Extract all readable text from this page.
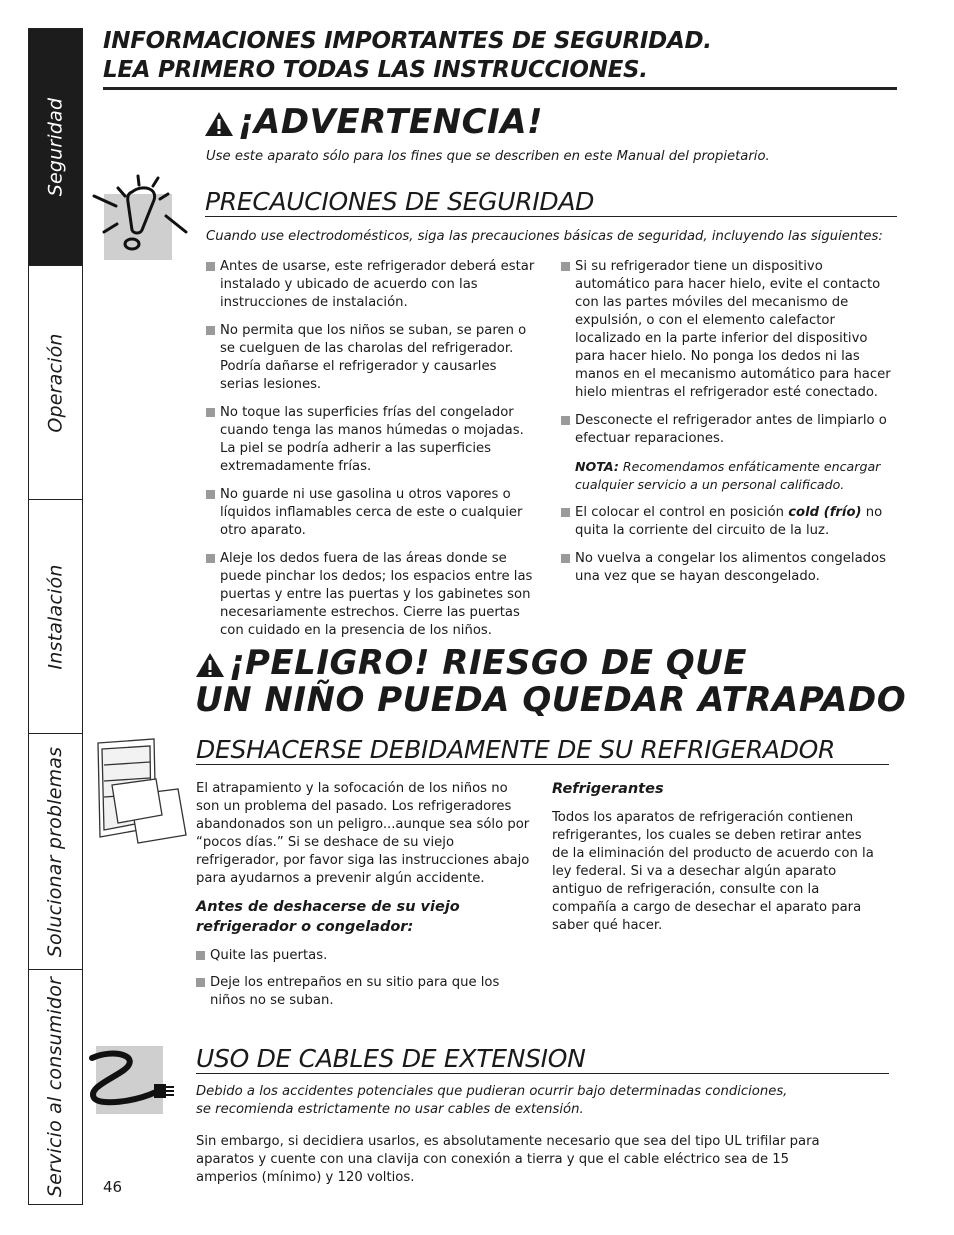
Seguridad
Operación
Instalación
Solucionar problemas
Servicio al consumidor
INFORMACIONES IMPORTANTES DE SEGURIDAD.
LEA PRIMERO TODAS LAS INSTRUCCIONES.
¡ADVERTENCIA!
Use este aparato sólo para los fines que se describen en este Manual del propietario.
PRECAUCIONES DE SEGURIDAD
Cuando use electrodomésticos, siga las precauciones básicas de seguridad, incluyendo las siguientes:
Antes de usarse, este refrigerador deberá estar instalado y ubicado de acuerdo con las instrucciones de instalación.
No permita que los niños se suban, se paren o se cuelguen de las charolas del refrigerador. Podría dañarse el refrigerador y causarles serias lesiones.
No toque las superficies frías del congelador cuando tenga las manos húmedas o mojadas. La piel se podría adherir a las superficies extremadamente frías.
No guarde ni use gasolina u otros vapores o líquidos inflamables cerca de este o cualquier otro aparato.
Aleje los dedos fuera de las áreas donde se puede pinchar los dedos; los espacios entre las puertas y entre las puertas y los gabinetes son necesariamente estrechos. Cierre las puertas con cuidado en la presencia de los niños.
Si su refrigerador tiene un dispositivo automático para hacer hielo, evite el contacto con las partes móviles del mecanismo de expulsión, o con el elemento calefactor localizado en la parte inferior del dispositivo para hacer hielo. No ponga los dedos ni las manos en el mecanismo automático para hacer hielo mientras el refrigerador esté conectado.
Desconecte el refrigerador antes de limpiarlo o efectuar reparaciones.
NOTA: Recomendamos enfáticamente encargar cualquier servicio a un personal calificado.
El colocar el control en posición cold (frío) no quita la corriente del circuito de la luz.
No vuelva a congelar los alimentos congelados una vez que se hayan descongelado.
¡PELIGRO! RIESGO DE QUE
UN NIÑO PUEDA QUEDAR ATRAPADO
DESHACERSE DEBIDAMENTE DE SU REFRIGERADOR
El atrapamiento y la sofocación de los niños no son un problema del pasado. Los refrigeradores abandonados son un peligro...aunque sea sólo por “pocos días.” Si se deshace de su viejo refrigerador, por favor siga las instrucciones abajo para ayudarnos a prevenir algún accidente.
Antes de deshacerse de su viejo refrigerador o congelador:
Quite las puertas.
Deje los entrepaños en su sitio para que los niños no se suban.
Refrigerantes
Todos los aparatos de refrigeración contienen refrigerantes, los cuales se deben retirar antes de la eliminación del producto de acuerdo con la ley federal. Si va a desechar algún aparato antiguo de refrigeración, consulte con la compañía a cargo de desechar el aparato para saber qué hacer.
USO DE CABLES DE EXTENSION
Debido a los accidentes potenciales que pudieran ocurrir bajo determinadas condiciones, se recomienda estrictamente no usar cables de extensión.
Sin embargo, si decidiera usarlos, es absolutamente necesario que sea del tipo UL trifilar para aparatos y cuente con una clavija con conexión a tierra y que el cable eléctrico sea de 15 amperios (mínimo) y 120 voltios.
46
